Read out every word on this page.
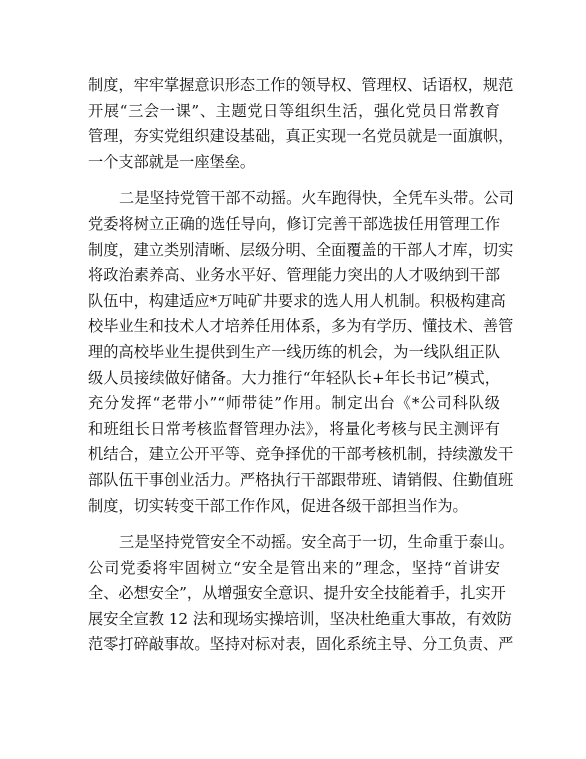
制度，牢牢掌握意识形态工作的领导权、管理权、话语权，规范
开展“三会一课”、主题党日等组织生活，强化党员日常教育
管理，夯实党组织建设基础，真正实现一名党员就是一面旗帜，
一个支部就是一座堡垒。
二是坚持党管干部不动摇。火车跑得快，全凭车头带。公司
党委将树立正确的选任导向，修订完善干部选拔任用管理工作
制度，建立类别清晰、层级分明、全面覆盖的干部人才库，切实
将政治素养高、业务水平好、管理能力突出的人才吸纳到干部
队伍中，构建适应*万吨矿井要求的选人用人机制。积极构建高
校毕业生和技术人才培养任用体系，多为有学历、懂技术、善管
理的高校毕业生提供到生产一线历练的机会，为一线队组正队
级人员接续做好储备。大力推行“年轻队长+年长书记”模式，
充分发挥“老带小”“师带徒”作用。制定出台《*公司科队级
和班组长日常考核监督管理办法》，将量化考核与民主测评有
机结合，建立公开平等、竞争择优的干部考核机制，持续激发干
部队伍干事创业活力。严格执行干部跟带班、请销假、住勤值班
制度，切实转变干部工作作风，促进各级干部担当作为。
三是坚持党管安全不动摇。安全高于一切，生命重于泰山。
公司党委将牢固树立“安全是管出来的”理念，坚持“首讲安
全、必想安全”，从增强安全意识、提升安全技能着手，扎实开
展安全宣教 12 法和现场实操培训，坚决杜绝重大事故，有效防
范零打碎敲事故。坚持对标对表，固化系统主导、分工负责、严
